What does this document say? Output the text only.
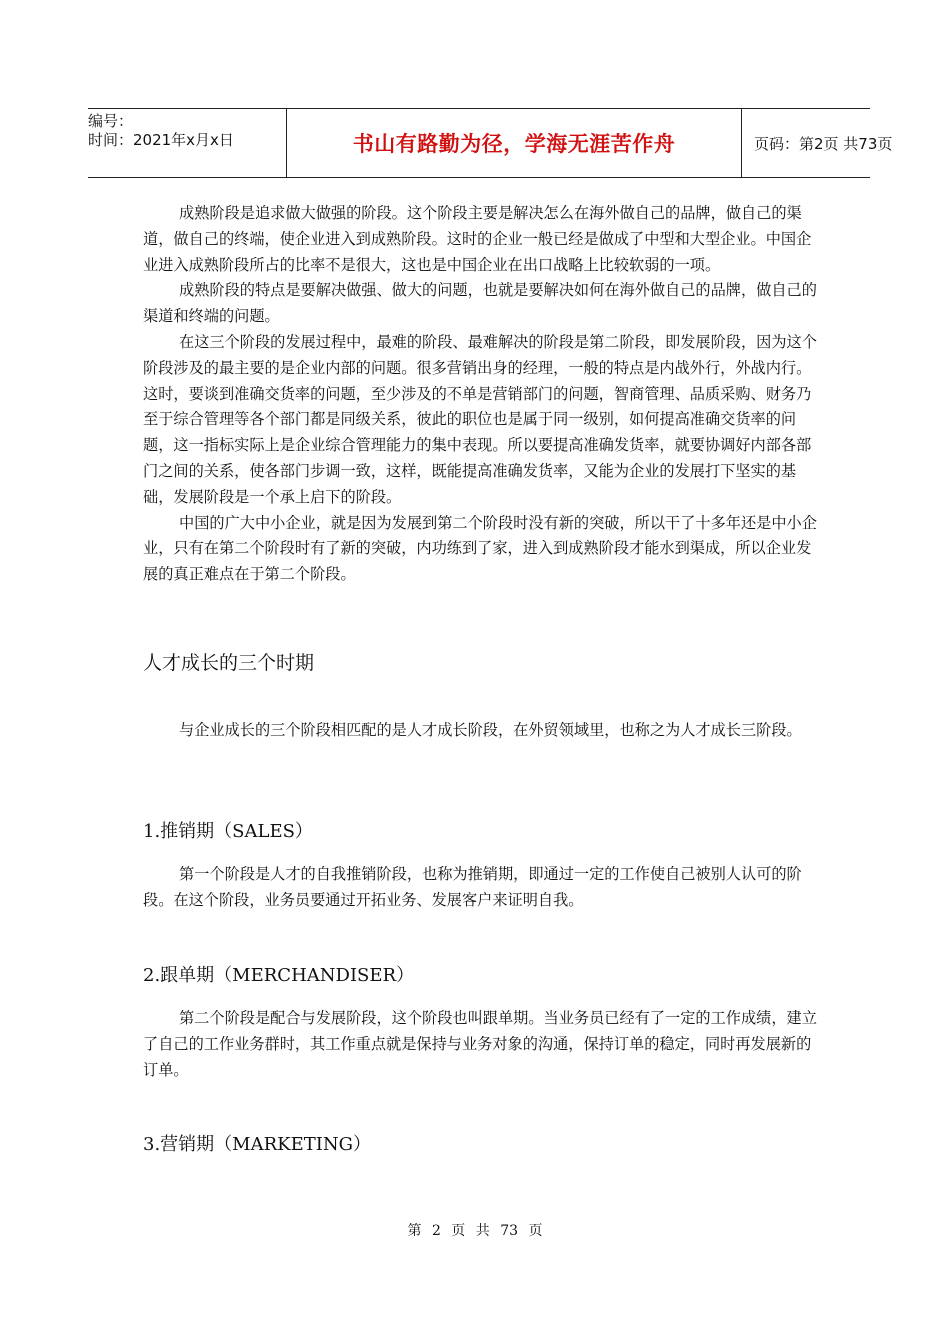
编号：
时间：2021年x月x日	书山有路勤为径，学海无涯苦作舟	页码：第2页 共73页

成熟阶段是追求做大做强的阶段。这个阶段主要是解决怎么在海外做自己的品牌，做自己的渠道，做自己的终端，使企业进入到成熟阶段。这时的企业一般已经是做成了中型和大型企业。中国企业进入成熟阶段所占的比率不是很大，这也是中国企业在出口战略上比较软弱的一项。

成熟阶段的特点是要解决做强、做大的问题，也就是要解决如何在海外做自己的品牌，做自己的渠道和终端的问题。

在这三个阶段的发展过程中，最难的阶段、最难解决的阶段是第二阶段，即发展阶段，因为这个阶段涉及的最主要的是企业内部的问题。很多营销出身的经理，一般的特点是内战外行，外战内行。这时，要谈到准确交货率的问题，至少涉及的不单是营销部门的问题，智商管理、品质采购、财务乃至于综合管理等各个部门都是同级关系，彼此的职位也是属于同一级别，如何提高准确交货率的问题，这一指标实际上是企业综合管理能力的集中表现。所以要提高准确发货率，就要协调好内部各部门之间的关系，使各部门步调一致，这样，既能提高准确发货率，又能为企业的发展打下坚实的基础，发展阶段是一个承上启下的阶段。

中国的广大中小企业，就是因为发展到第二个阶段时没有新的突破，所以干了十多年还是中小企业，只有在第二个阶段时有了新的突破，内功练到了家，进入到成熟阶段才能水到渠成，所以企业发展的真正难点在于第二个阶段。

人才成长的三个时期

与企业成长的三个阶段相匹配的是人才成长阶段，在外贸领域里，也称之为人才成长三阶段。

1.推销期（SALES）

第一个阶段是人才的自我推销阶段，也称为推销期，即通过一定的工作使自己被别人认可的阶段。在这个阶段，业务员要通过开拓业务、发展客户来证明自我。

2.跟单期（MERCHANDISER）

第二个阶段是配合与发展阶段，这个阶段也叫跟单期。当业务员已经有了一定的工作成绩，建立了自己的工作业务群时，其工作重点就是保持与业务对象的沟通，保持订单的稳定，同时再发展新的订单。

3.营销期（MARKETING）
第 2 页 共 73 页
